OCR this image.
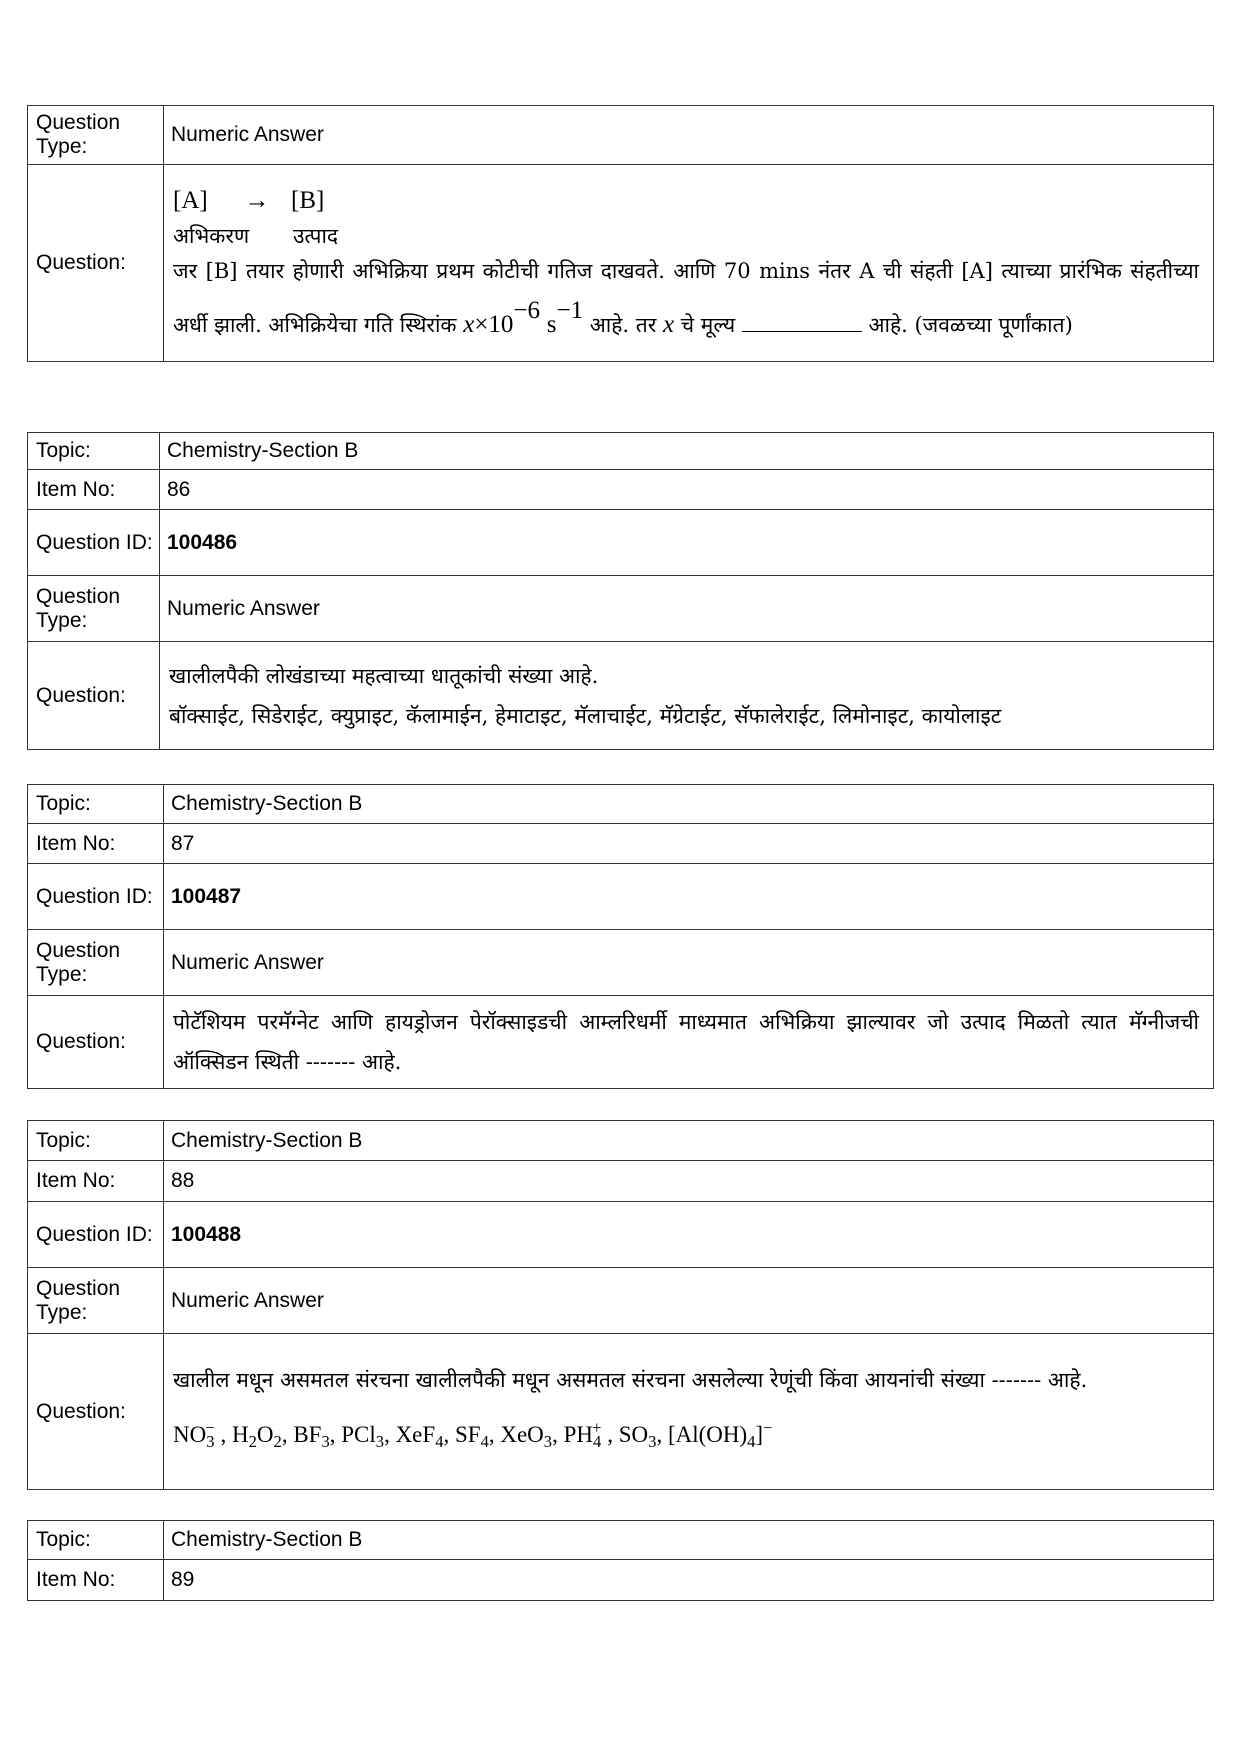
Question Type:	Numeric Answer
Question:	[A] → [B]
अभिकरण उत्पाद
जर [B] तयार होणारी अभिक्रिया प्रथम कोटीची गतिज दाखवते. आणि 70 mins नंतर A ची संहती [A] त्याच्या प्रारंभिक संहतीच्या अर्धी झाली. अभिक्रियेचा गति स्थिरांक x×10−6 s−1 आहे. तर x चे मूल्य आहे. (जवळच्या पूर्णांकात)
Topic:	Chemistry-Section B
Item No:	86
Question ID:	100486
Question Type:	Numeric Answer
Question:	खालीलपैकी लोखंडाच्या महत्वाच्या धातूकांची संख्या आहे.
बॉक्साईट, सिडेराईट, क्युप्राइट, कॅलामाईन, हेमाटाइट, मॅलाचाईट, मॅग्रेटाईट, सॅफालेराईट, लिमोनाइट, कायोलाइट
Topic:	Chemistry-Section B
Item No:	87
Question ID:	100487
Question Type:	Numeric Answer
Question:	पोटॅशियम परमॅग्नेट आणि हायड्रोजन पेरॉक्साइडची आम्लरिधर्मी माध्यमात अभिक्रिया झाल्यावर जो उत्पाद मिळतो त्यात मॅग्नीजची ऑक्सिडन स्थिती ------- आहे.
Topic:	Chemistry-Section B
Item No:	88
Question ID:	100488
Question Type:	Numeric Answer
Question:	खालील मधून असमतल संरचना खालीलपैकी मधून असमतल संरचना असलेल्या रेणूंची किंवा आयनांची संख्या ------- आहे.
$NO_3^-$ , $H_2O_2$, $BF_3$, PCl$_3$, XeF$_4$, $SF_4$, XeO$_3$, $PH_4^+$ , $SO_3$, $[Al(OH)_4]^-$
Topic:	Chemistry-Section B
Item No:	89
